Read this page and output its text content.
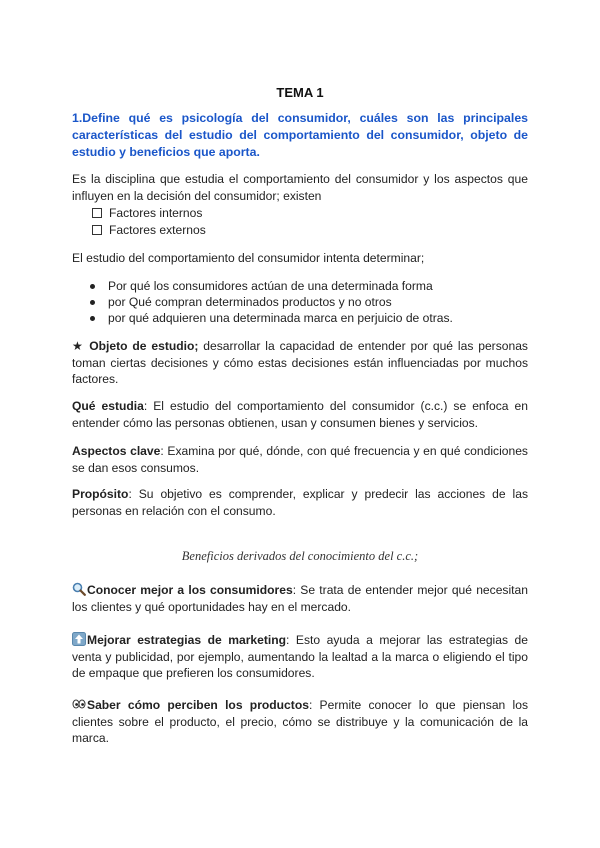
TEMA 1
1.Define qué es psicología del consumidor, cuáles son las principales características del estudio del comportamiento del consumidor, objeto de estudio y beneficios que aporta.
Es la disciplina que estudia el comportamiento del consumidor y los aspectos que influyen en la decisión del consumidor; existen
Factores internos
Factores externos
El estudio del comportamiento del consumidor intenta determinar;
Por qué los consumidores actúan de una determinada forma
por Qué compran determinados productos y no otros
por qué adquieren una determinada marca en perjuicio de otras.
★ Objeto de estudio; desarrollar la capacidad de entender por qué las personas toman ciertas decisiones y cómo estas decisiones están influenciadas por muchos factores.
Qué estudia: El estudio del comportamiento del consumidor (c.c.) se enfoca en entender cómo las personas obtienen, usan y consumen bienes y servicios.
Aspectos clave: Examina por qué, dónde, con qué frecuencia y en qué condiciones se dan esos consumos.
Propósito: Su objetivo es comprender, explicar y predecir las acciones de las personas en relación con el consumo.
Beneficios derivados del conocimiento del c.c.;
Conocer mejor a los consumidores: Se trata de entender mejor qué necesitan los clientes y qué oportunidades hay en el mercado.
Mejorar estrategias de marketing: Esto ayuda a mejorar las estrategias de venta y publicidad, por ejemplo, aumentando la lealtad a la marca o eligiendo el tipo de empaque que prefieren los consumidores.
Saber cómo perciben los productos: Permite conocer lo que piensan los clientes sobre el producto, el precio, cómo se distribuye y la comunicación de la marca.
